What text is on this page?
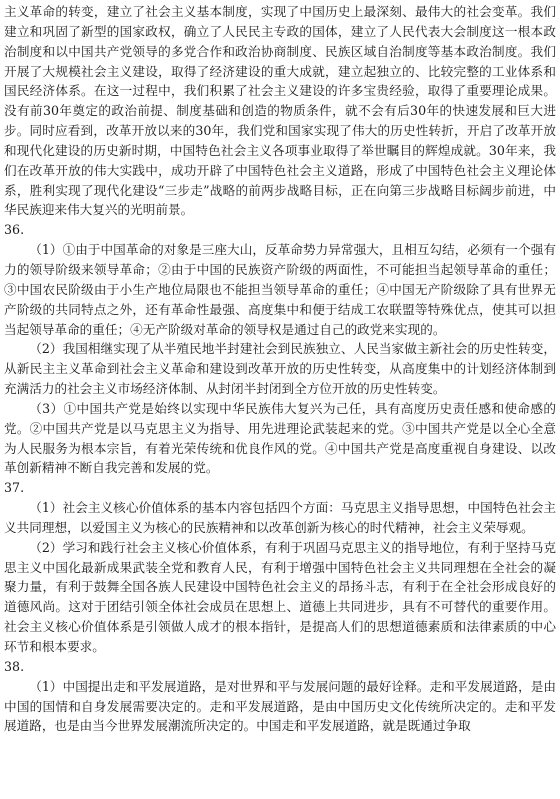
主义革命的转变，建立了社会主义基本制度，实现了中国历史上最深刻、最伟大的社会变革。我们建立和巩固了新型的国家政权，确立了人民民主专政的国体，建立了人民代表大会制度这一根本政治制度和以中国共产党领导的多党合作和政治协商制度、民族区域自治制度等基本政治制度。我们开展了大规模社会主义建设，取得了经济建设的重大成就，建立起独立的、比较完整的工业体系和国民经济体系。在这一过程中，我们积累了社会主义建设的许多宝贵经验，取得了重要理论成果。没有前30年奠定的政治前提、制度基础和创造的物质条件，就不会有后30年的快速发展和巨大进步。同时应看到，改革开放以来的30年，我们党和国家实现了伟大的历史性转折，开启了改革开放和现代化建设的历史新时期，中国特色社会主义各项事业取得了举世瞩目的辉煌成就。30年来，我们在改革开放的伟大实践中，成功开辟了中国特色社会主义道路，形成了中国特色社会主义理论体系，胜利实现了现代化建设“三步走”战略的前两步战略目标，正在向第三步战略目标阔步前进，中华民族迎来伟大复兴的光明前景。

36.

（1）①由于中国革命的对象是三座大山，反革命势力异常强大，且相互勾结，必须有一个强有力的领导阶级来领导革命；②由于中国的民族资产阶级的两面性，不可能担当起领导革命的重任；③中国农民阶级由于小生产地位局限也不能担当领导革命的重任；④中国无产阶级除了具有世界无产阶级的共同特点之外，还有革命性最强、高度集中和便于结成工农联盟等特殊优点，使其可以担当起领导革命的重任；④无产阶级对革命的领导权是通过自己的政党来实现的。

（2）我国相继实现了从半殖民地半封建社会到民族独立、人民当家做主新社会的历史性转变，从新民主主义革命到社会主义革命和建设到改革开放的历史性转变，从高度集中的计划经济体制到充满活力的社会主义市场经济体制、从封闭半封闭到全方位开放的历史性转变。

（3）①中国共产党是始终以实现中华民族伟大复兴为己任，具有高度历史责任感和使命感的党。②中国共产党是以马克思主义为指导、用先进理论武装起来的党。③中国共产党是以全心全意为人民服务为根本宗旨，有着光荣传统和优良作风的党。④中国共产党是高度重视自身建设、以改革创新精神不断自我完善和发展的党。

37.

（1）社会主义核心价值体系的基本内容包括四个方面：马克思主义指导思想，中国特色社会主义共同理想，以爱国主义为核心的民族精神和以改革创新为核心的时代精神，社会主义荣辱观。

（2）学习和践行社会主义核心价值体系，有利于巩固马克思主义的指导地位，有利于坚持马克思主义中国化最新成果武装全党和教育人民，有利于增强中国特色社会主义共同理想在全社会的凝聚力量，有利于鼓舞全国各族人民建设中国特色社会主义的昂扬斗志，有利于在全社会形成良好的道德风尚。这对于团结引领全体社会成员在思想上、道德上共同进步，具有不可替代的重要作用。社会主义核心价值体系是引领做人成才的根本指针，是提高人们的思想道德素质和法律素质的中心环节和根本要求。

38.

（1）中国提出走和平发展道路，是对世界和平与发展问题的最好诠释。走和平发展道路，是由中国的国情和自身发展需要决定的。走和平发展道路，是由中国历史文化传统所决定的。走和平发展道路，也是由当今世界发展潮流所决定的。中国走和平发展道路，就是既通过争取
